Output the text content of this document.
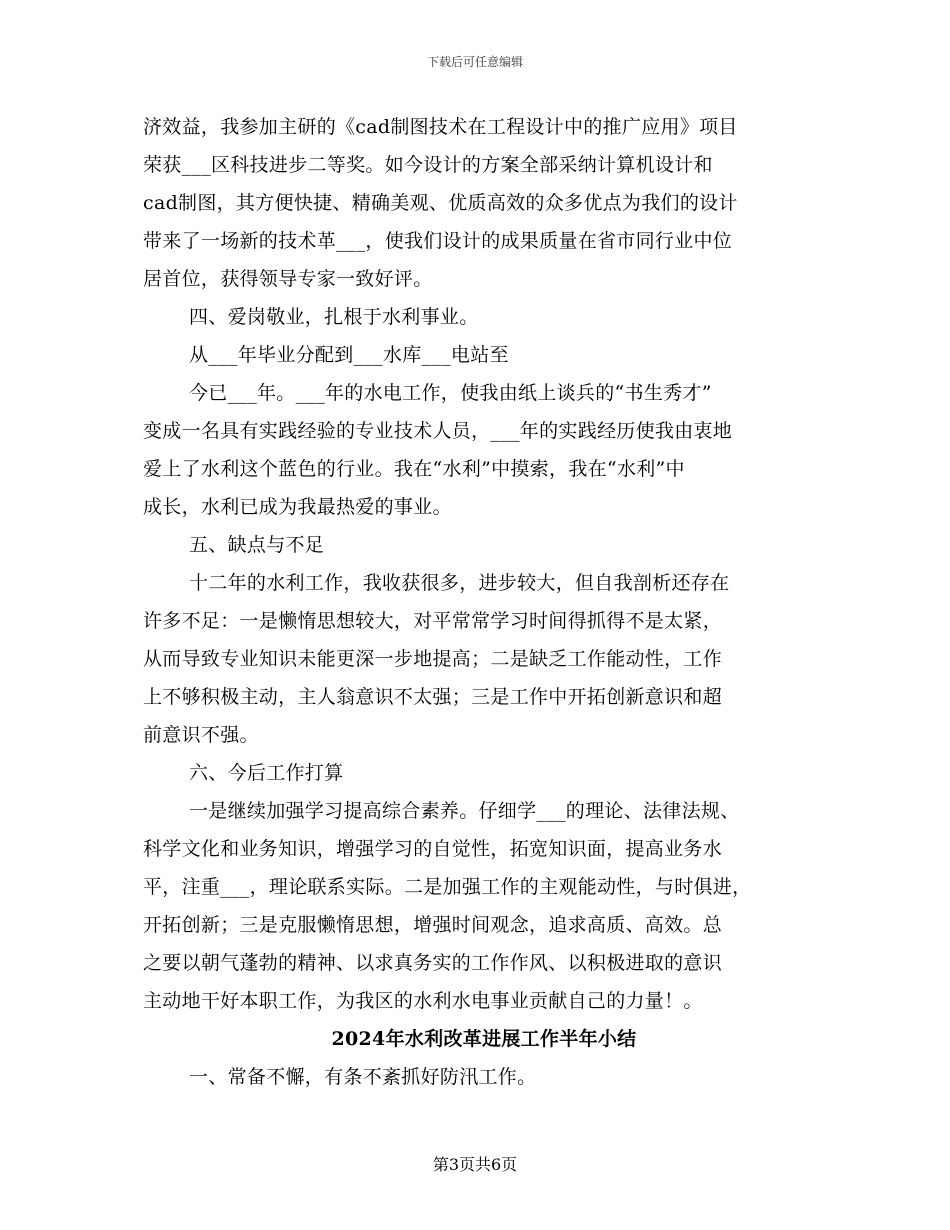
下载后可任意编辑
济效益，我参加主研的《cad制图技术在工程设计中的推广应用》项目
荣获___区科技进步二等奖。如今设计的方案全部采纳计算机设计和
cad制图，其方便快捷、精确美观、优质高效的众多优点为我们的设计
带来了一场新的技术革___，使我们设计的成果质量在省市同行业中位
居首位，获得领导专家一致好评。
四、爱岗敬业，扎根于水利事业。
从___年毕业分配到___水库___电站至
今已___年。___年的水电工作，使我由纸上谈兵的“书生秀才”
变成一名具有实践经验的专业技术人员，___年的实践经历使我由衷地
爱上了水利这个蓝色的行业。我在“水利”中摸索，我在“水利”中
成长，水利已成为我最热爱的事业。
五、缺点与不足
十二年的水利工作，我收获很多，进步较大，但自我剖析还存在
许多不足：一是懒惰思想较大，对平常常学习时间得抓得不是太紧，
从而导致专业知识未能更深一步地提高；二是缺乏工作能动性，工作
上不够积极主动，主人翁意识不太强；三是工作中开拓创新意识和超
前意识不强。
六、今后工作打算
一是继续加强学习提高综合素养。仔细学___的理论、法律法规、
科学文化和业务知识，增强学习的自觉性，拓宽知识面，提高业务水
平，注重___，理论联系实际。二是加强工作的主观能动性，与时俱进，
开拓创新；三是克服懒惰思想，增强时间观念，追求高质、高效。总
之要以朝气蓬勃的精神、以求真务实的工作作风、以积极进取的意识
主动地干好本职工作，为我区的水利水电事业贡献自己的力量！。
2024年水利改革进展工作半年小结
一、常备不懈，有条不紊抓好防汛工作。
第3页共6页
